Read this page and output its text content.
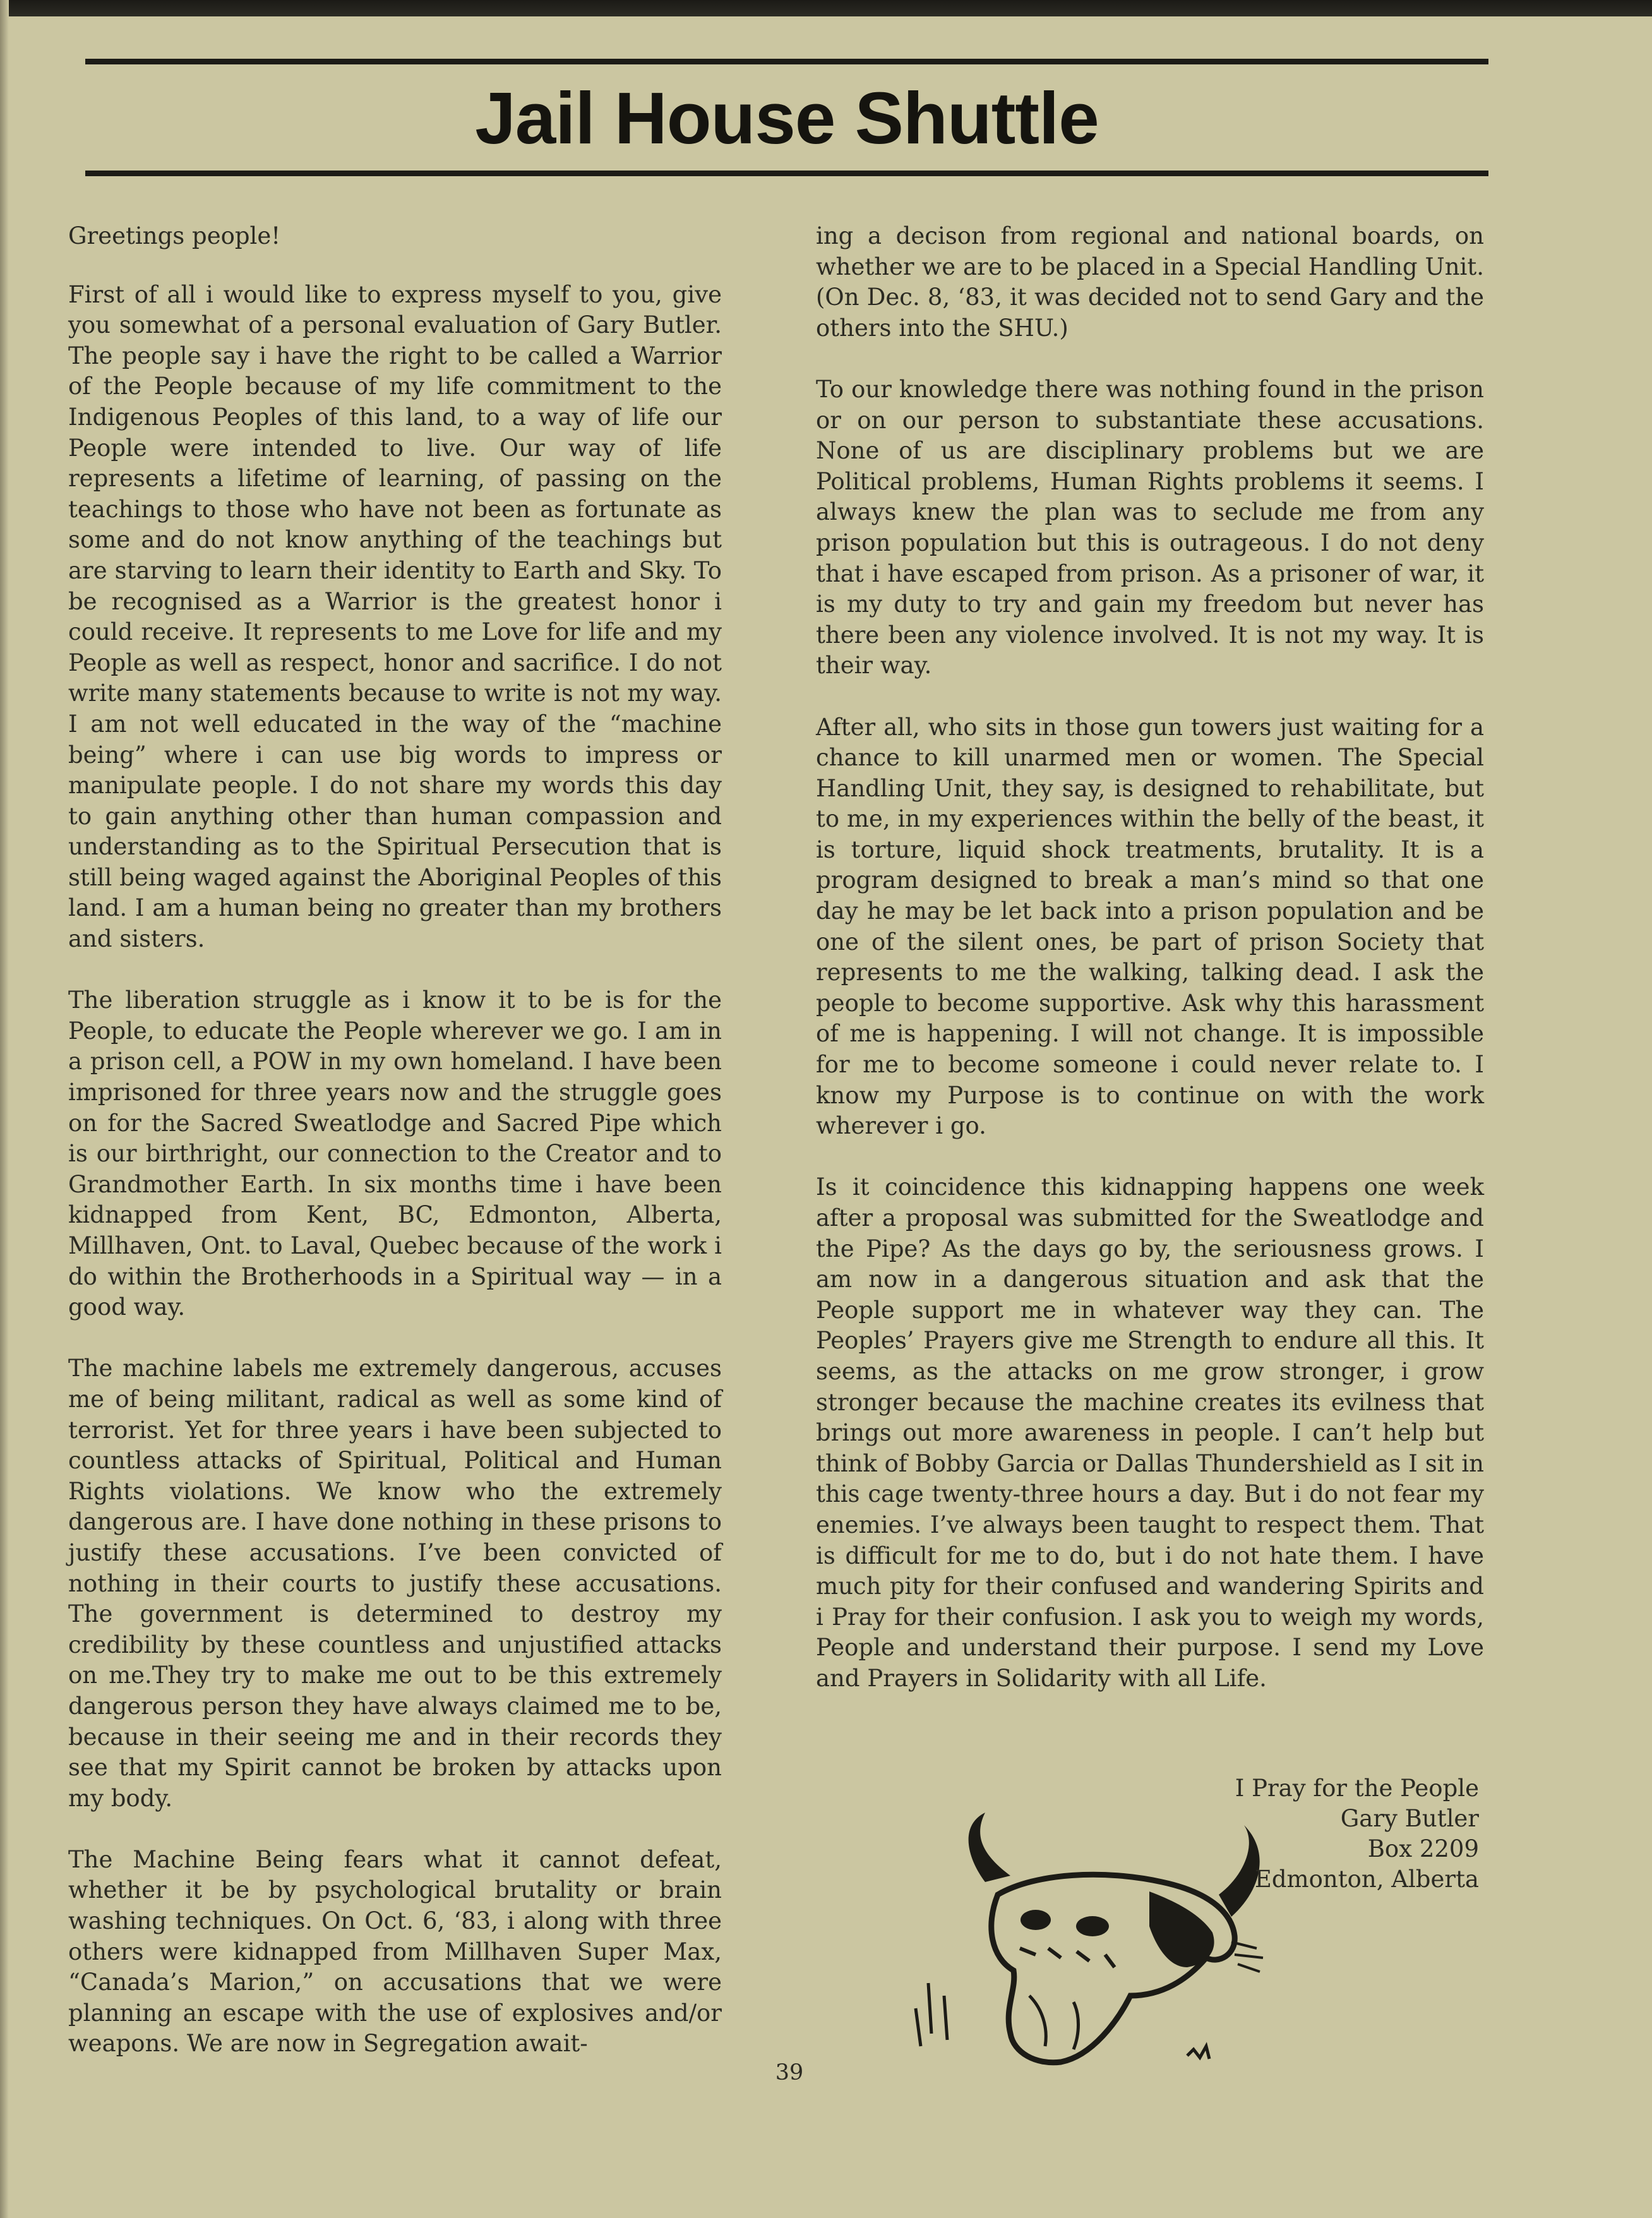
Jail House Shuttle

Greetings people!

First of all i would like to express myself to you, give you somewhat of a personal evaluation of Gary Butler. The people say i have the right to be called a Warrior of the People because of my life commitment to the Indigenous Peoples of this land, to a way of life our People were intended to live. Our way of life represents a lifetime of learning, of passing on the teachings to those who have not been as fortunate as some and do not know anything of the teachings but are starving to learn their identity to Earth and Sky. To be recognised as a Warrior is the greatest honor i could receive. It represents to me Love for life and my People as well as respect, honor and sacrifice. I do not write many statements because to write is not my way. I am not well educated in the way of the “machine being” where i can use big words to impress or manipulate people. I do not share my words this day to gain anything other than human compassion and understanding as to the Spiritual Persecution that is still being waged against the Aboriginal Peoples of this land. I am a human being no greater than my brothers and sisters.

The liberation struggle as i know it to be is for the People, to educate the People wherever we go. I am in a prison cell, a POW in my own homeland. I have been imprisoned for three years now and the struggle goes on for the Sacred Sweatlodge and Sacred Pipe which is our birthright, our connection to the Creator and to Grandmother Earth. In six months time i have been kidnapped from Kent, BC, Edmonton, Alberta, Millhaven, Ont. to Laval, Quebec because of the work i do within the Brotherhoods in a Spiritual way — in a good way.

The machine labels me extremely dangerous, accuses me of being militant, radical as well as some kind of terrorist. Yet for three years i have been subjected to countless attacks of Spiritual, Political and Human Rights violations. We know who the extremely dangerous are. I have done nothing in these prisons to justify these accusations. I’ve been convicted of nothing in their courts to justify these accusations. The government is determined to destroy my credibility by these countless and unjustified attacks on me.They try to make me out to be this extremely dangerous person they have always claimed me to be, because in their seeing me and in their records they see that my Spirit cannot be broken by attacks upon my body.

The Machine Being fears what it cannot defeat, whether it be by psychological brutality or brain washing techniques. On Oct. 6, ‘83, i along with three others were kidnapped from Millhaven Super Max, “Canada’s Marion,” on accusations that we were planning an escape with the use of explosives and/or weapons. We are now in Segregation await-

ing a decison from regional and national boards, on whether we are to be placed in a Special Handling Unit. (On Dec. 8, ‘83, it was decided not to send Gary and the others into the SHU.)

To our knowledge there was nothing found in the prison or on our person to substantiate these accusations. None of us are disciplinary problems but we are Political problems, Human Rights problems it seems. I always knew the plan was to seclude me from any prison population but this is outrageous. I do not deny that i have escaped from prison. As a prisoner of war, it is my duty to try and gain my freedom but never has there been any violence involved. It is not my way. It is their way.

After all, who sits in those gun towers just waiting for a chance to kill unarmed men or women. The Special Handling Unit, they say, is designed to rehabilitate, but to me, in my experiences within the belly of the beast, it is torture, liquid shock treatments, brutality. It is a program designed to break a man’s mind so that one day he may be let back into a prison population and be one of the silent ones, be part of prison Society that represents to me the walking, talking dead. I ask the people to become supportive. Ask why this harassment of me is happening. I will not change. It is impossible for me to become someone i could never relate to. I know my Purpose is to continue on with the work wherever i go.

Is it coincidence this kidnapping happens one week after a proposal was submitted for the Sweatlodge and the Pipe? As the days go by, the seriousness grows. I am now in a dangerous situation and ask that the People support me in whatever way they can. The Peoples’ Prayers give me Strength to endure all this. It seems, as the attacks on me grow stronger, i grow stronger because the machine creates its evilness that brings out more awareness in people. I can’t help but think of Bobby Garcia or Dallas Thundershield as I sit in this cage twenty-three hours a day. But i do not fear my enemies. I’ve always been taught to respect them. That is difficult for me to do, but i do not hate them. I have much pity for their confused and wandering Spirits and i Pray for their confusion. I ask you to weigh my words, People and understand their purpose. I send my Love and Prayers in Solidarity with all Life.

I Pray for the People
Gary Butler
Box 2209
Edmonton, Alberta
39
